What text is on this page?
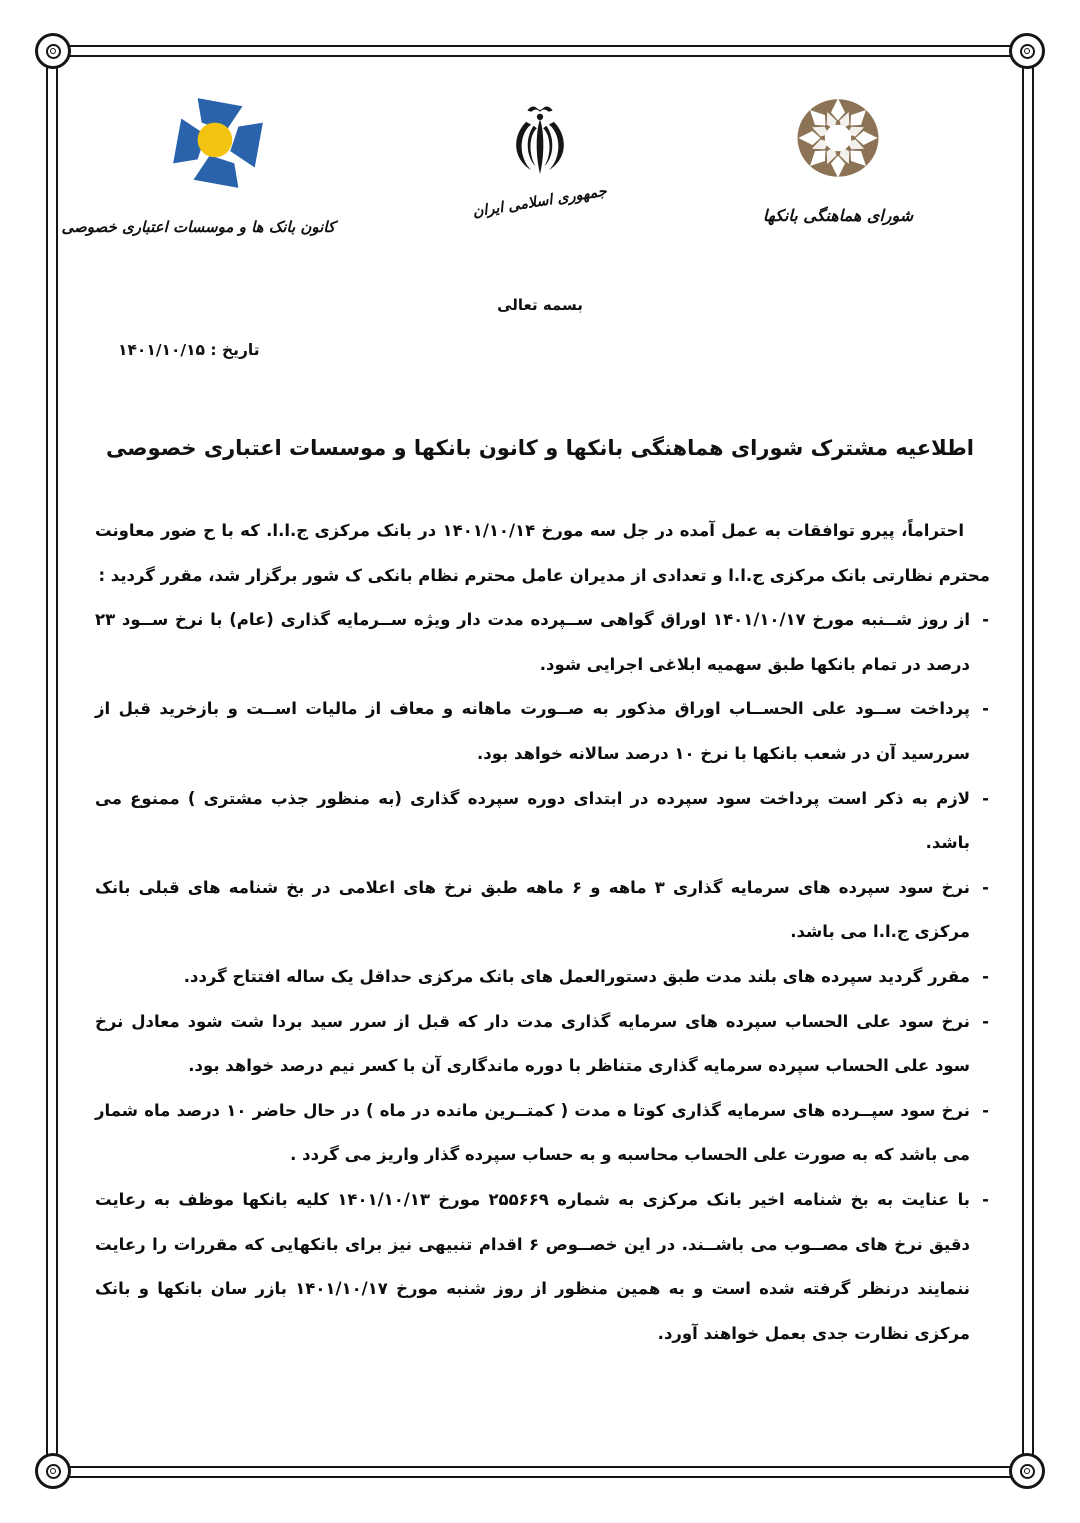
شورای هماهنگی بانکها
جمهوری اسلامی ایران
کانون بانک ها و موسسات اعتباری خصوصی
بسمه تعالی
تاریخ : ۱۴۰۱/۱۰/۱۵
اطلاعیه مشترک شورای هماهنگی بانکها و کانون بانکها و موسسات اعتباری خصوصی

احتراماً، پیرو توافقات به عمل آمده در جل سه مورخ ۱۴۰۱/۱۰/۱۴ در بانک مرکزی ج.ا.ا. که با ح ضور معاونت محترم نظارتی بانک مرکزی ج.ا.ا و تعدادی از مدیران عامل محترم نظام بانکی ک شور برگزار شد، مقرر گردید :

-
از روز شــنبه مورخ ۱۴۰۱/۱۰/۱۷ اوراق گواهی ســپرده مدت دار ویژه ســرمایه گذاری (عام) با نرخ ســود ۲۳ درصد در تمام بانکها طبق سهمیه ابلاغی اجرایی شود.
-
پرداخت ســود علی الحســاب اوراق مذکور به صــورت ماهانه و معاف از مالیات اســت و بازخرید قبل از سررسید آن در شعب بانکها با نرخ ۱۰ درصد سالانه خواهد بود.
-
لازم به ذکر است پرداخت سود سپرده در ابتدای دوره سپرده گذاری (به منظور جذب مشتری ) ممنوع می باشد.
-
نرخ سود سپرده های سرمایه گذاری ۳ ماهه و ۶ ماهه طبق نرخ های اعلامی در بخ شنامه های قبلی بانک مرکزی ج.ا.ا می باشد.
-
مقرر گردید سپرده های بلند مدت طبق دستورالعمل های بانک مرکزی حداقل یک ساله افتتاح گردد.
-
نرخ سود علی الحساب سپرده های سرمایه گذاری مدت دار که قبل از سرر سید بردا شت شود معادل نرخ سود علی الحساب سپرده سرمایه گذاری متناظر با دوره ماندگاری آن با کسر نیم درصد خواهد بود.
-
نرخ سود سپــرده های سرمایه گذاری کوتا ه مدت ( کمتــرین مانده در ماه ) در حال حاضر ۱۰ درصد ماه شمار می باشد که به صورت علی الحساب محاسبه و به حساب سپرده گذار واریز می گردد .
-
با عنایت به بخ شنامه اخیر بانک مرکزی به شماره ۲۵۵۶۶۹ مورخ ۱۴۰۱/۱۰/۱۳ کلیه بانکها موظف به رعایت دقیق نرخ های مصــوب می باشــند. در این خصــوص ۶ اقدام تنبیهی نیز برای بانکهایی که مقررات را رعایت ننمایند درنظر گرفته شده است و به همین منظور از روز شنبه مورخ ۱۴۰۱/۱۰/۱۷ بازر سان بانکها و بانک مرکزی نظارت جدی بعمل خواهند آورد.
